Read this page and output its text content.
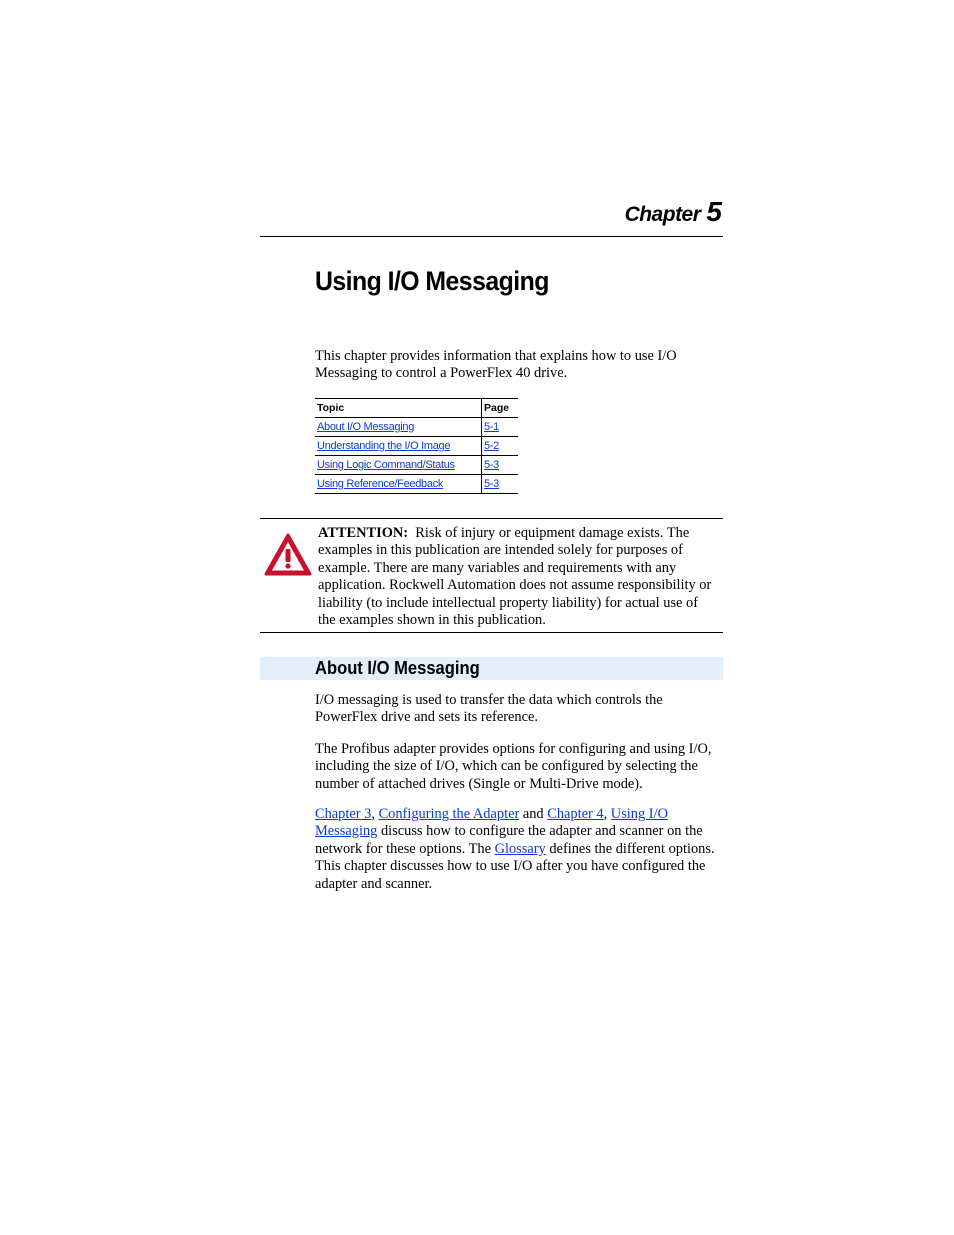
Chapter 5
Using I/O Messaging

This chapter provides information that explains how to use I/O Messaging to control a PowerFlex 40 drive.

Topic	Page
About I/O Messaging	5-1
Understanding the I/O Image	5-2
Using Logic Command/Status	5-3
Using Reference/Feedback	5-3

ATTENTION: Risk of injury or equipment damage exists. The examples in this publication are intended solely for purposes of example. There are many variables and requirements with any application. Rockwell Automation does not assume responsibility or liability (to include intellectual property liability) for actual use of the examples shown in this publication.

About I/O Messaging

I/O messaging is used to transfer the data which controls the PowerFlex drive and sets its reference.

The Profibus adapter provides options for configuring and using I/O, including the size of I/O, which can be configured by selecting the number of attached drives (Single or Multi-Drive mode).

Chapter 3, Configuring the Adapter and Chapter 4, Using I/O Messaging discuss how to configure the adapter and scanner on the network for these options. The Glossary defines the different options. This chapter discusses how to use I/O after you have configured the adapter and scanner.
